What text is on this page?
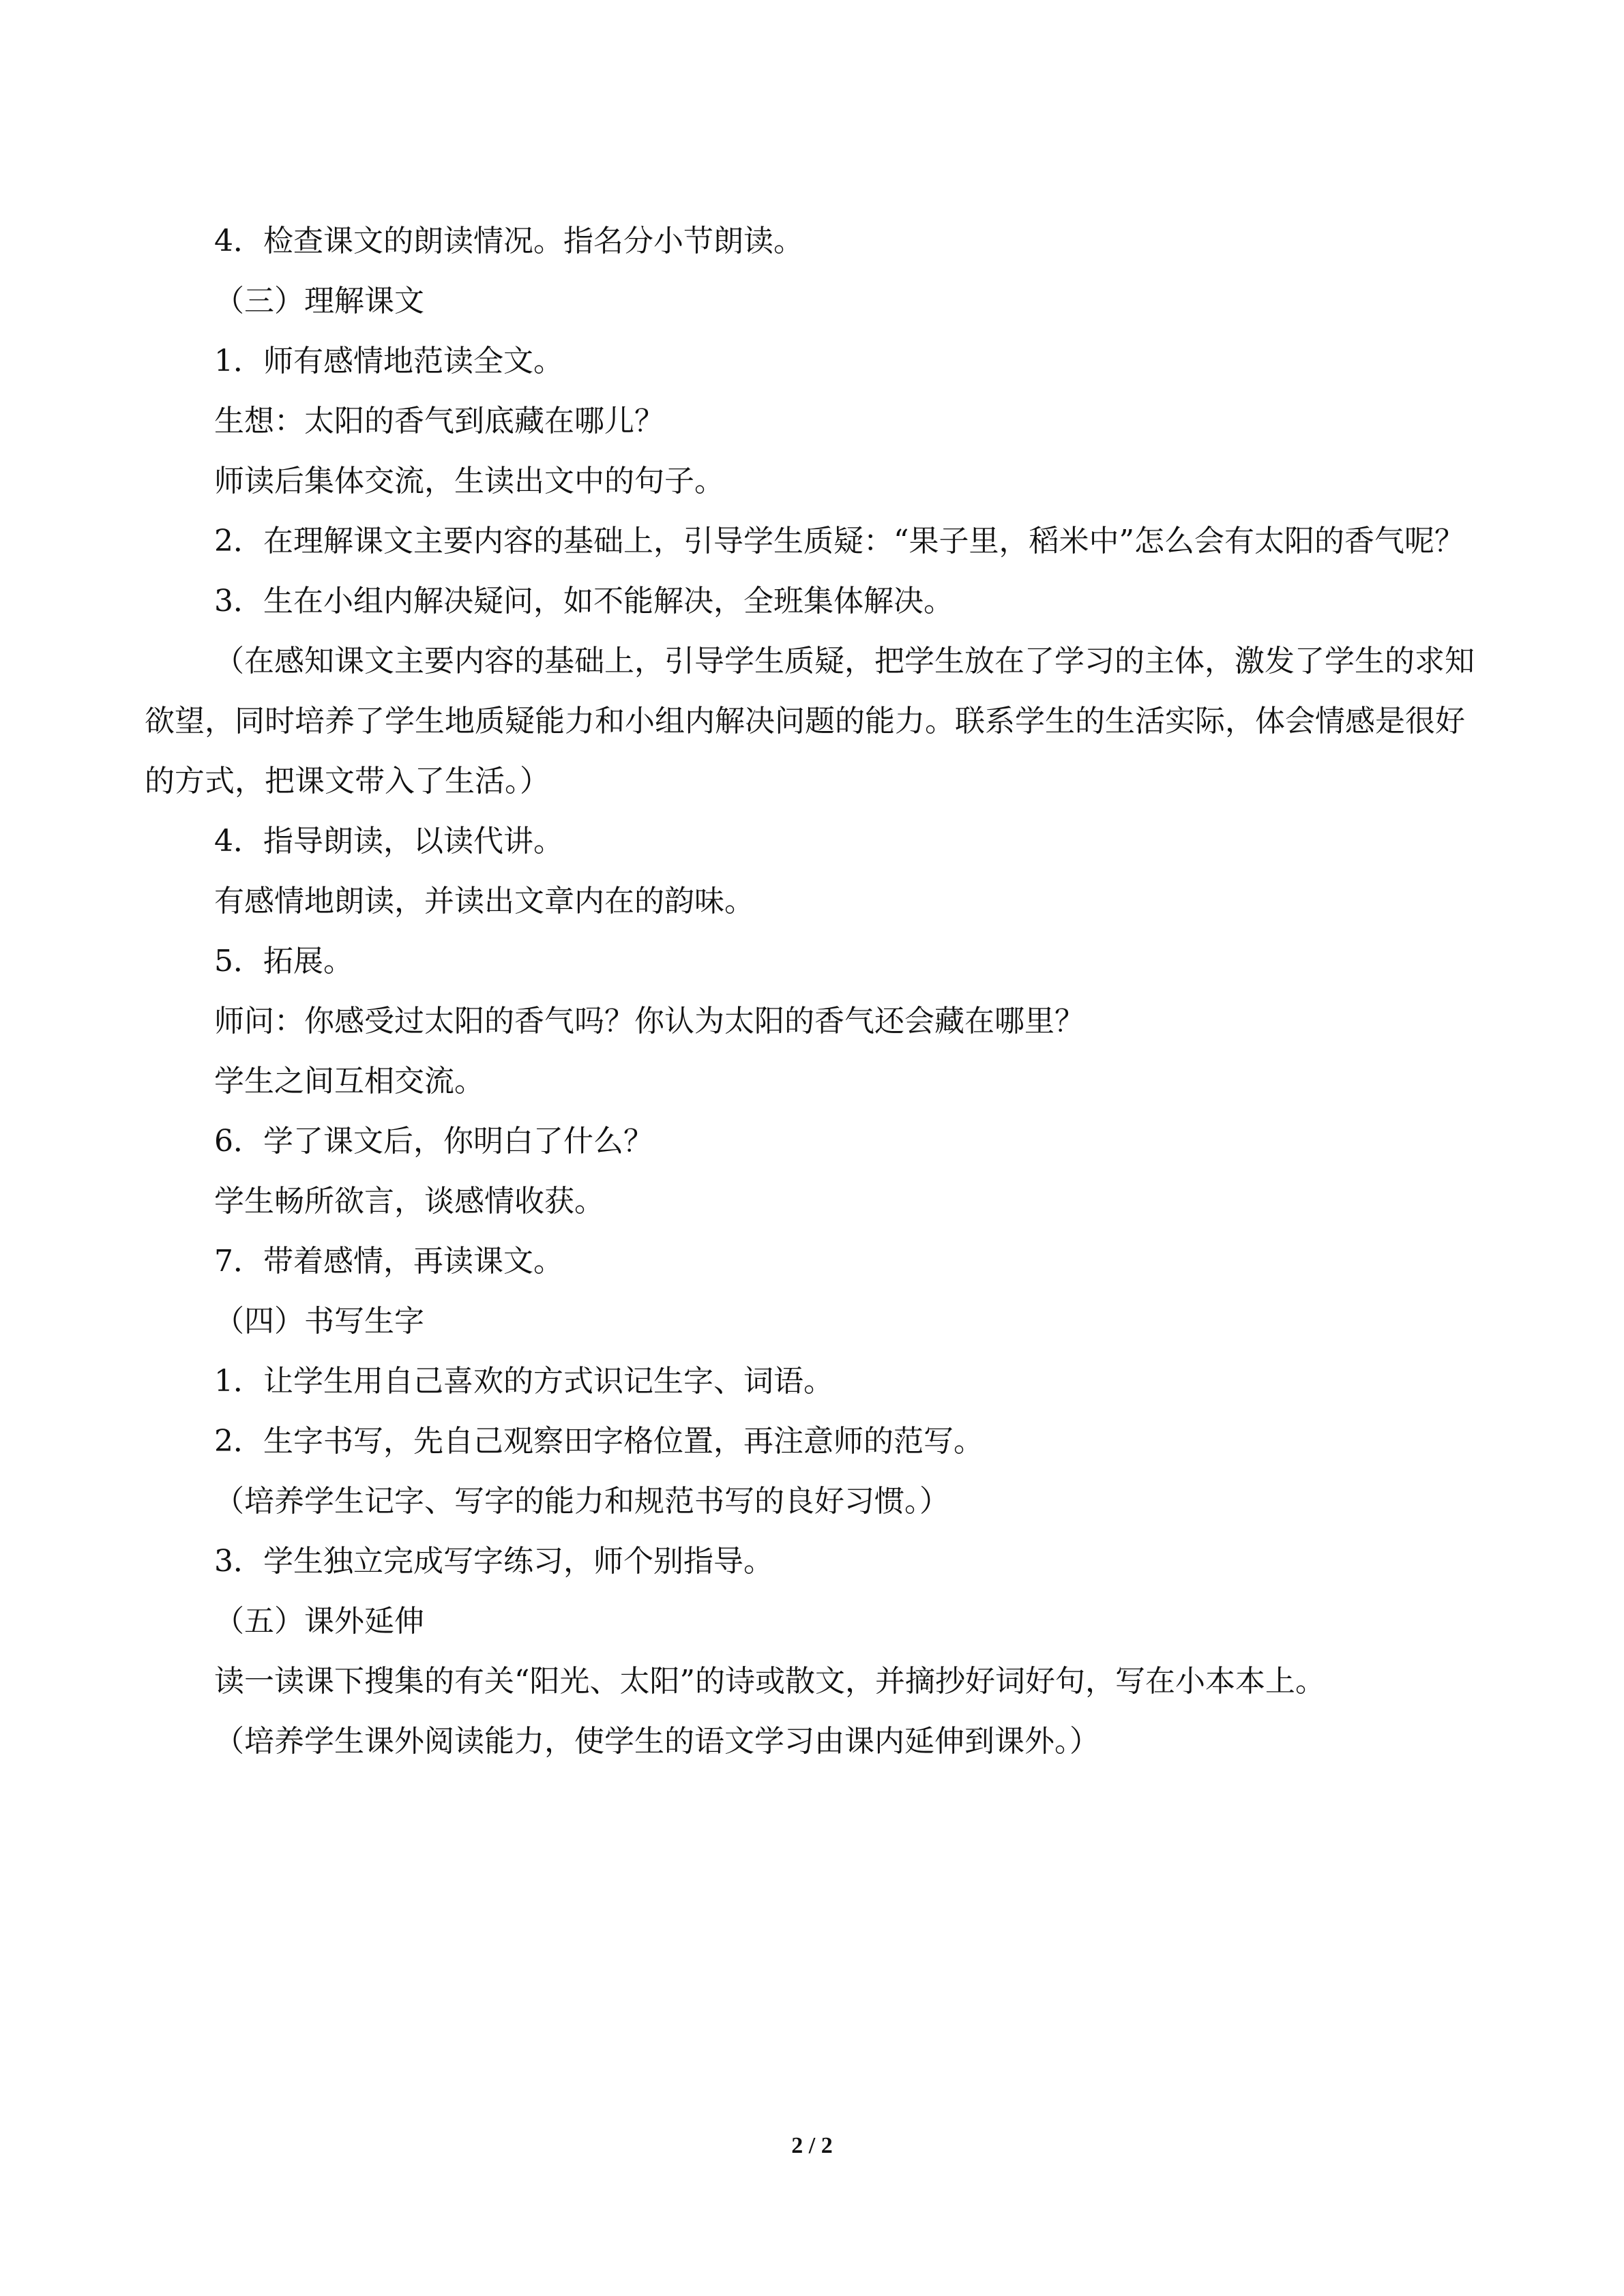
4．检查课文的朗读情况。指名分小节朗读。

（三）理解课文

1．师有感情地范读全文。

生想：太阳的香气到底藏在哪儿？

师读后集体交流，生读出文中的句子。

2．在理解课文主要内容的基础上，引导学生质疑：“果子里，稻米中”怎么会有太阳的香气呢？

3．生在小组内解决疑问，如不能解决，全班集体解决。

（在感知课文主要内容的基础上，引导学生质疑，把学生放在了学习的主体，激发了学生的求知欲望，同时培养了学生地质疑能力和小组内解决问题的能力。联系学生的生活实际，体会情感是很好的方式，把课文带入了生活。）

4．指导朗读，以读代讲。

有感情地朗读，并读出文章内在的韵味。

5．拓展。

师问：你感受过太阳的香气吗？你认为太阳的香气还会藏在哪里？

学生之间互相交流。

6．学了课文后，你明白了什么？

学生畅所欲言，谈感情收获。

7．带着感情，再读课文。

（四）书写生字

1．让学生用自己喜欢的方式识记生字、词语。

2．生字书写，先自己观察田字格位置，再注意师的范写。

（培养学生记字、写字的能力和规范书写的良好习惯。）

3．学生独立完成写字练习，师个别指导。

（五）课外延伸

读一读课下搜集的有关“阳光、太阳”的诗或散文，并摘抄好词好句，写在小本本上。

（培养学生课外阅读能力，使学生的语文学习由课内延伸到课外。）

2 / 2
